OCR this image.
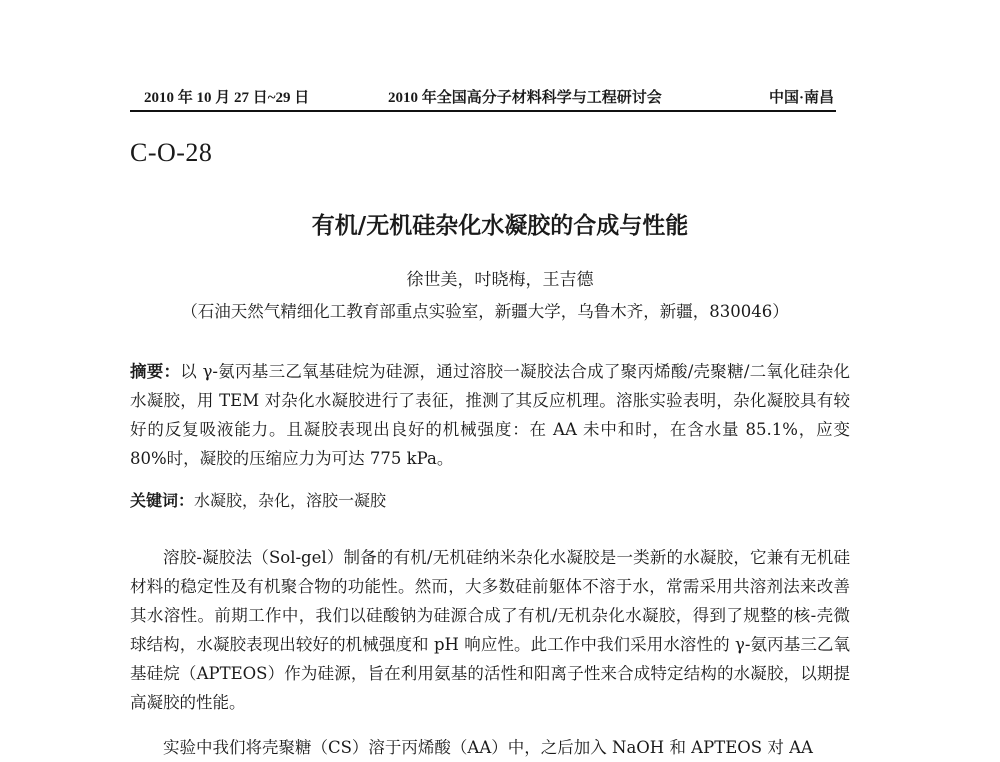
2010 年 10 月 27 日~29 日	2010 年全国高分子材料科学与工程研讨会	中国·南昌
C-O-28
有机/无机硅杂化水凝胶的合成与性能
徐世美，吋晓梅，王吉德
（石油天然气精细化工教育部重点实验室，新疆大学，乌鲁木齐，新疆，830046）
摘要：以 γ-氨丙基三乙氧基硅烷为硅源，通过溶胶一凝胶法合成了聚丙烯酸/壳聚糖/二氧化硅杂化水凝胶，用 TEM 对杂化水凝胶进行了表征，推测了其反应机理。溶胀实验表明，杂化凝胶具有较好的反复吸液能力。且凝胶表现出良好的机械强度：在 AA 未中和时，在含水量 85.1%，应变 80%时，凝胶的压缩应力为可达 775 kPa。
关键词：水凝胶，杂化，溶胶一凝胶
溶胶-凝胶法（Sol-gel）制备的有机/无机硅纳米杂化水凝胶是一类新的水凝胶，它兼有无机硅材料的稳定性及有机聚合物的功能性。然而，大多数硅前躯体不溶于水，常需采用共溶剂法来改善其水溶性。前期工作中，我们以硅酸钠为硅源合成了有机/无机杂化水凝胶，得到了规整的核-壳微球结构，水凝胶表现出较好的机械强度和 pH 响应性。此工作中我们采用水溶性的 γ-氨丙基三乙氧基硅烷（APTEOS）作为硅源，旨在利用氨基的活性和阳离子性来合成特定结构的水凝胶，以期提高凝胶的性能。
实验中我们将壳聚糖（CS）溶于丙烯酸（AA）中，之后加入 NaOH 和 APTEOS 对 AA
